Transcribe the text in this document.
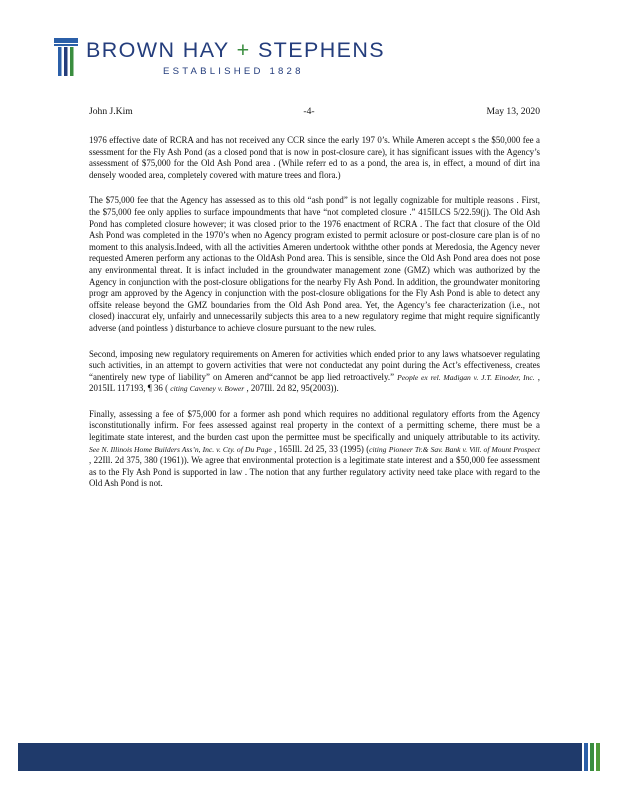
BROWN HAY + STEPHENS
ESTABLISHED 1828
John J.Kim	-4-	May 13, 2020

1976 effective date of RCRA and has not received any CCR since the early 197 0’s. While Ameren accept s the $50,000 fee a ssessment for the Fly Ash Pond (as a closed pond that is now in post-closure care), it has significant issues with the Agency’s assessment of $75,000 for the Old Ash Pond area . (While referr ed to as a pond, the area is, in effect, a mound of dirt ina densely wooded area, completely covered with mature trees and flora.)

The $75,000 fee that the Agency has assessed as to this old “ash pond” is not legally cognizable for multiple reasons . First, the $75,000 fee only applies to surface impoundments that have “not completed closure .” 415ILCS 5/22.59(j). The Old Ash Pond has completed closure however; it was closed prior to the 1976 enactment of RCRA . The fact that closure of the Old Ash Pond was completed in the 1970’s when no Agency program existed to permit aclosure or post-closure care plan is of no moment to this analysis.Indeed, with all the activities Ameren undertook withthe other ponds at Meredosia, the Agency never requested Ameren perform any actionas to the OldAsh Pond area. This is sensible, since the Old Ash Pond area does not pose any environmental threat. It is infact included in the groundwater management zone (GMZ) which was authorized by the Agency in conjunction with the post-closure obligations for the nearby Fly Ash Pond. In addition, the groundwater monitoring progr am approved by the Agency in conjunction with the post-closure obligations for the Fly Ash Pond is able to detect any offsite release beyond the GMZ boundaries from the Old Ash Pond area. Yet, the Agency’s fee characterization (i.e., not closed) inaccurat ely, unfairly and unnecessarily subjects this area to a new regulatory regime that might require significantly adverse (and pointless ) disturbance to achieve closure pursuant to the new rules.

Second, imposing new regulatory requirements on Ameren for activities which ended prior to any laws whatsoever regulating such activities, in an attempt to govern activities that were not conductedat any point during the Act’s effectiveness, creates “anentirely new type of liability” on Ameren and“cannot be app lied retroactively.” People ex rel. Madigan v. J.T. Einoder, Inc. , 2015IL 117193, ¶ 36 ( citing Caveney v. Bower , 207Ill. 2d 82, 95(2003)).

Finally, assessing a fee of $75,000 for a former ash pond which requires no additional regulatory efforts from the Agency isconstitutionally infirm. For fees assessed against real property in the context of a permitting scheme, there must be a legitimate state interest, and the burden cast upon the permittee must be specifically and uniquely attributable to its activity. See N. Illinois Home Builders Ass’n, Inc. v. Cty. of Du Page , 165Ill. 2d 25, 33 (1995) (citing Pioneer Tr.& Sav. Bank v. Vill. of Mount Prospect , 22Ill. 2d 375, 380 (1961)). We agree that environmental protection is a legitimate state interest and a $50,000 fee assessment as to the Fly Ash Pond is supported in law . The notion that any further regulatory activity need take place with regard to the Old Ash Pond is not.
